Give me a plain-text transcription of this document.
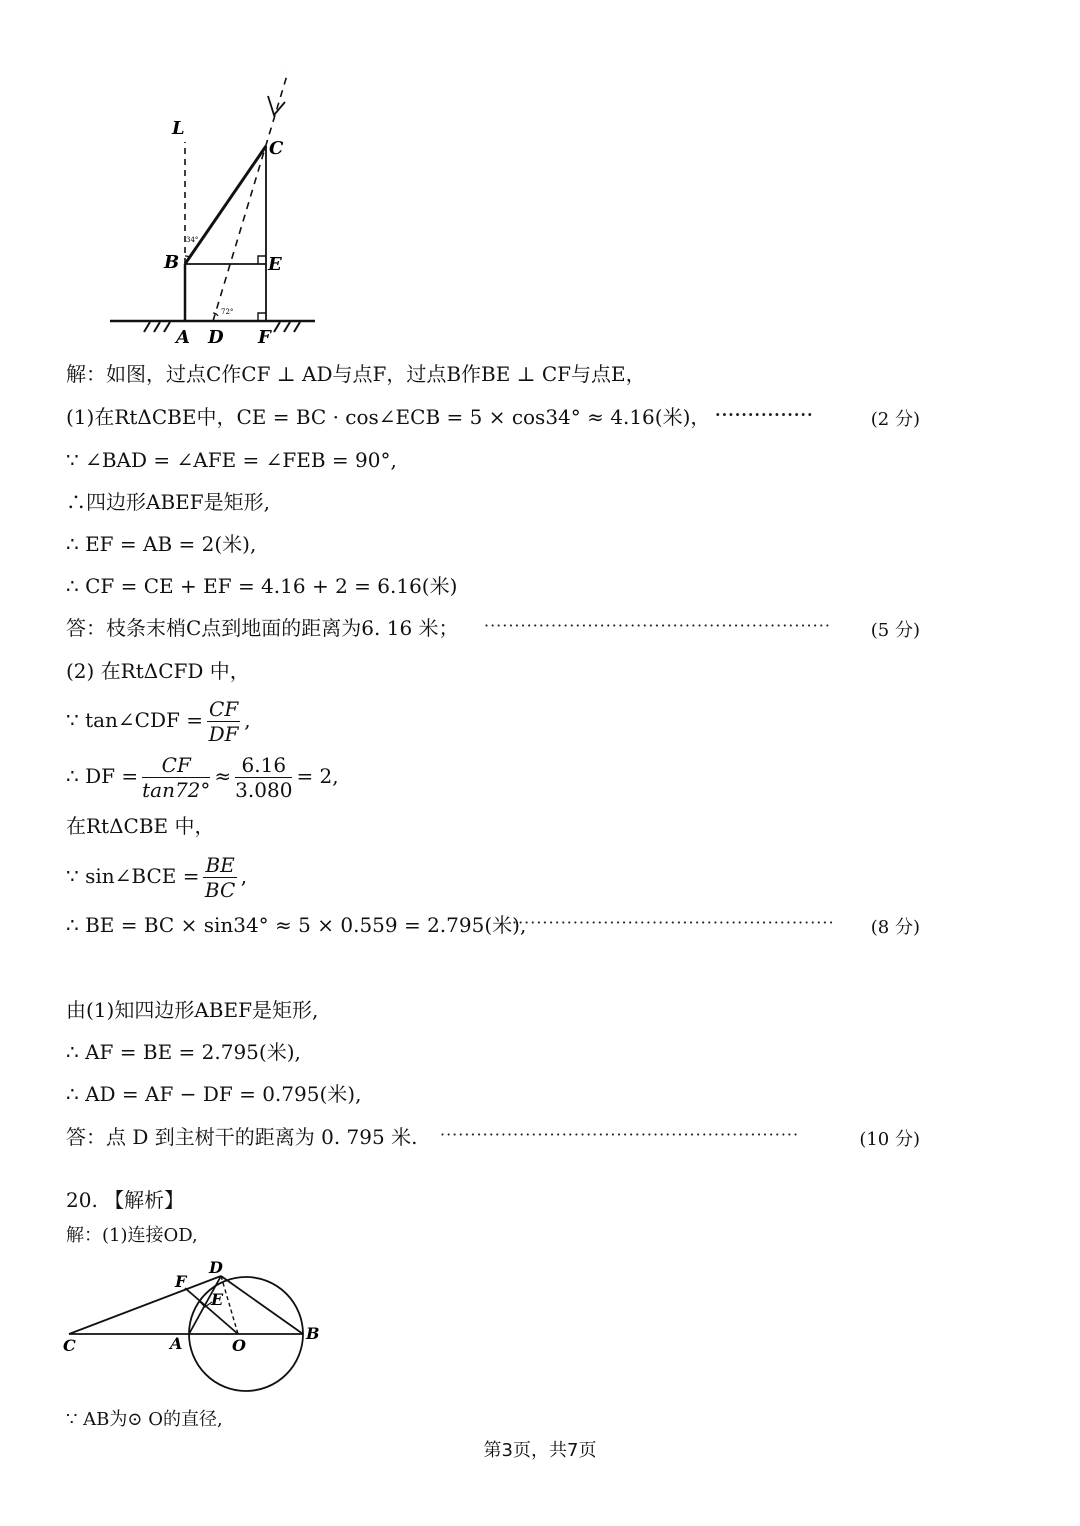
L
C
B	E
A D F
34°
72°
解：如图，过点C作CF ⊥ AD与点F，过点B作BE ⊥ CF与点E，
(1)在RtΔCBE中，CE = BC · cos∠ECB = 5 × cos34° ≈ 4.16(米)， ···············	(2 分)
∵ ∠BAD = ∠AFE = ∠FEB = 90°,
∴四边形ABEF是矩形,
∴ EF = AB = 2(米),
∴ CF = CE + EF = 4.16 + 2 = 6.16(米)
答：枝条末梢C点到地面的距离为6. 16 米； ························································· (5 分)
(2) 在RtΔCFD 中，
∵ tan∠CDF = $\frac{CF}{DF}$ ,
∴ DF = $\frac{CF}{\tan 72^\circ} \approx \frac{6.16}{3.080} = 2$,
在RtΔCBE 中，
∵ sin∠BCE = $\frac{BE}{BC}$ ,
∴ BE = BC × sin34° ≈ 5 × 0.559 = 2.795(米),
····················································· (8 分)
由(1)知四边形ABEF是矩形,
∴ AF = BE = 2.795(米),
∴ AD = AF − DF = 0.795(米),
答：点 D 到主树干的距离为 0. 795 米. ···························································	(10 分)
20. 【解析】
解：(1)连接OD,
F
D
E
C	A	O
B
∵ AB为⊙ O的直径,
第3页，共7页
